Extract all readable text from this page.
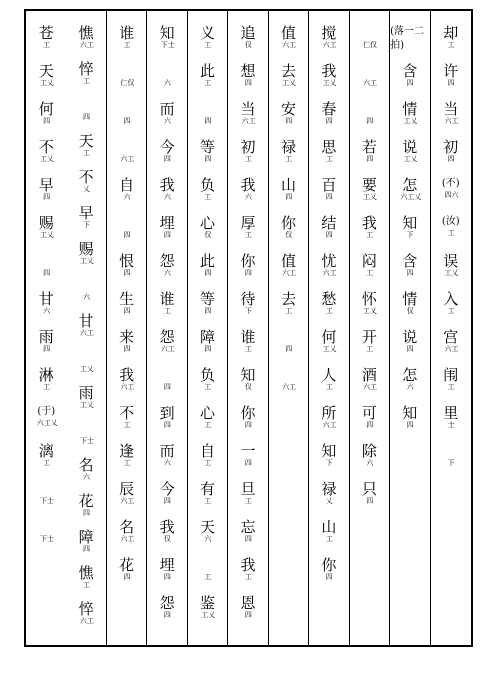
却
工
许
四
当
六工
初
四
(不)
四六
(汝)
工
误
工乂
入
工
宫
六工
闱
工
里
士
下
(落一二拍)
含
四
情
工乂
说
工乂
怎
六工乂
知
下
含
四
情
仅
说
四
怎
六
知
四
仁仅
六工
四
若
四
要
工乂
我
工
闷
工
怀
工乂
开
工
酒
六工
可
四
除
六
只
四
搅
六工
我
工乂
春
四
思
工
百
四
结
四
忧
六工
愁
工
何
工乂
人
工
所
六工
知
下
禄
乂
山
工
你
四
值
六工
去
工乂
安
四
禄
工
山
四
你
仅
值
六工
去
工
四
六工
追
仅
想
四
当
六工
初
工
我
六
厚
工
你
四
待
下
谁
工
知
仅
你
四
一
四
旦
工
忘
四
我
工
恩
四
义
工
此
工
四
等
四
负
工
心
仅
此
四
等
四
障
四
负
工
心
工
自
工
有
工
天
六
工
鉴
工乂
知
下士
六
而
六
今
四
我
六
埋
四
怨
六
谁
工
怨
六工
四
到
四
而
六
今
四
我
仅
埋
四
怨
四
谁
工
仁仅
四
六工
自
六
四
恨
四
生
四
来
四
我
六工
不
工
逢
工
辰
六工
名
六工
花
四
憔
六工
悴
工
四
天
工
不
乂
早
下
赐
工乂
六
甘
六工
工乂
雨
工乂
下士
名
六
花
四
障
四
憔
工
悴
六工
苍
工
天
工乂
何
四
不
工乂
早
四
赐
工乂
四
甘
六
雨
四
淋
工
(于)
六工乂
漓
工
下士
下士
